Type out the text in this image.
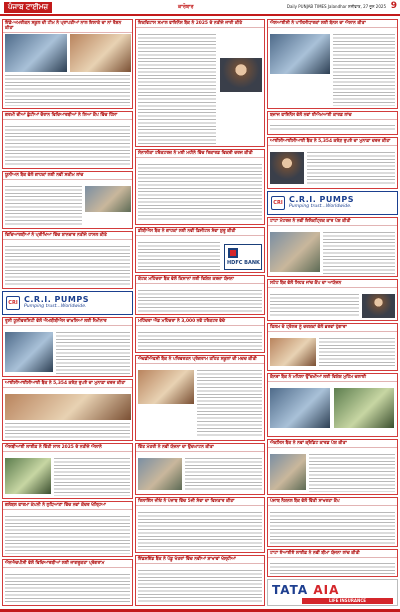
ਪੰਜਾਬ ਟਾਈਮਜ਼	ਕਾਰੋਬਾਰ	Daily PUNJAB TIMES Jalandhar ਸ਼ਨੀਵਾਰ, 27 ਜੂਨ 2025 9
ਇੰਡੋ-ਅਮਰੀਕਨ ਸਕੂਲ ਦੀ ਟੀਮ ਨੇ ਪ੍ਰਾਪਤੀਆਂ ਨਾਲ ਇਲਾਕੇ ਦਾ ਨਾਂ ਰੌਸ਼ਨ ਕੀਤਾ
ਗਰਮੀ ਦੀਆਂ ਛੁੱਟੀਆਂ ਦੌਰਾਨ ਵਿਦਿਆਰਥੀਆਂ ਨੇ ਲਿਆ ਕੈਂਪ ਵਿੱਚ ਹਿੱਸਾ
ਯੂਨੀਅਨ ਬੈਂਕ ਵੱਲੋਂ ਗਾਹਕਾਂ ਲਈ ਨਵੀਂ ਸਕੀਮ ਲਾਂਚ
ਵਿਦਿਆਰਥੀਆਂ ਨੇ ਪ੍ਰੀਖਿਆ ਵਿੱਚ ਸ਼ਾਨਦਾਰ ਨਤੀਜੇ ਹਾਸਲ ਕੀਤੇ
CRI C.R.I. PUMPS
Pumping trust...Worldwide.
ਰੂਸੀ ਯੂਨੀਵਰਸਿਟੀ ਵੱਲੋਂ ਐਮਬੀਬੀਐਸ ਦਾਖ਼ਲਿਆਂ ਲਈ ਸੈਮੀਨਾਰ
ਆਈਸੀਆਈਸੀਆਈ ਬੈਂਕ ਨੇ 5,354 ਕਰੋੜ ਰੁਪਏ ਦਾ ਮੁਨਾਫ਼ਾ ਦਰਜ ਕੀਤਾ
ਐਸਬੀਆਈ ਲਾਈਫ਼ ਨੇ ਵਿੱਤੀ ਸਾਲ 2025 ਦੇ ਨਤੀਜੇ ਐਲਾਨੇ
ਗਲੋਬਲ ਫਾਰਮਾ ਕੰਪਨੀ ਨੇ ਲੁਧਿਆਣਾ ਵਿੱਚ ਨਵਾਂ ਕੇਂਦਰ ਖੋਲ੍ਹਿਆ
ਐਨਐਚਪੀਸੀ ਵੱਲੋਂ ਵਿਦਿਆਰਥੀਆਂ ਲਈ ਜਾਗਰੂਕਤਾ ਪ੍ਰੋਗਰਾਮ
ਇਕਵਿਟਾਸ ਸਮਾਲ ਫਾਇਨੈਂਸ ਬੈਂਕ ਨੇ 2025 ਦੇ ਨਤੀਜੇ ਜਾਰੀ ਕੀਤੇ
ਸੋਨਾਲੀਕਾ ਟਰੈਕਟਰਜ਼ ਨੇ ਮਈ ਮਹੀਨੇ ਵਿੱਚ ਰਿਕਾਰਡ ਵਿਕਰੀ ਦਰਜ ਕੀਤੀ
ਡੀਬੀਐਸ ਬੈਂਕ ਨੇ ਗਾਹਕਾਂ ਲਈ ਨਵੀਂ ਡਿਜੀਟਲ ਸੇਵਾ ਸ਼ੁਰੂ ਕੀਤੀ
HDFC BANK
ਕੋਟਕ ਮਹਿੰਦਰਾ ਬੈਂਕ ਵੱਲੋਂ ਕਿਸਾਨਾਂ ਲਈ ਵਿਸ਼ੇਸ਼ ਕਰਜ਼ਾ ਯੋਜਨਾ
ਮਹਿੰਦਰਾ ਐਂਡ ਮਹਿੰਦਰਾ ਨੇ 3,000 ਨਵੇਂ ਟਰੈਕਟਰ ਵੇਚੇ
ਐਚਡੀਐਫਸੀ ਬੈਂਕ ਨੇ ਪਰਿਵਰਤਨ ਪ੍ਰੋਗਰਾਮ ਤਹਿਤ ਸਕੂਲਾਂ ਦੀ ਮਦਦ ਕੀਤੀ
ਵਿੱਤ ਮੰਤਰੀ ਨੇ ਨਵੀਂ ਯੋਜਨਾ ਦਾ ਉਦਘਾਟਨ ਕੀਤਾ
ਰਿਲਾਇੰਸ ਜੀਓ ਨੇ ਪੰਜਾਬ ਵਿੱਚ 5ਜੀ ਸੇਵਾ ਦਾ ਵਿਸਤਾਰ ਕੀਤਾ
ਇੰਡਸਇੰਡ ਬੈਂਕ ਨੇ ਪੇਂਡੂ ਖੇਤਰਾਂ ਵਿੱਚ ਨਵੀਆਂ ਸ਼ਾਖਾਵਾਂ ਖੋਲ੍ਹੀਆਂ
ਐਲਆਈਸੀ ਨੇ ਪਾਲਿਸੀਧਾਰਕਾਂ ਲਈ ਬੋਨਸ ਦਾ ਐਲਾਨ ਕੀਤਾ
ਬਜਾਜ ਫਾਇਨੈਂਸ ਵੱਲੋਂ ਨਵਾਂ ਈਐਮਆਈ ਕਾਰਡ ਲਾਂਚ
ਆਈਸੀਆਈਸੀਆਈ ਬੈਂਕ ਨੇ 5,354 ਕਰੋੜ ਰੁਪਏ ਦਾ ਮੁਨਾਫ਼ਾ ਦਰਜ ਕੀਤਾ
CRI C.R.I. PUMPS
Pumping trust...Worldwide.
ਟਾਟਾ ਮੋਟਰਜ਼ ਨੇ ਨਵੀਂ ਇਲੈਕਟ੍ਰਿਕ ਕਾਰ ਪੇਸ਼ ਕੀਤੀ
ਸਟੇਟ ਬੈਂਕ ਵੱਲੋਂ ਸਿਹਤ ਜਾਂਚ ਕੈਂਪ ਦਾ ਆਯੋਜਨ
ਫਿਲਮ ਦੇ ਟ੍ਰੇਲਰ ਨੂੰ ਦਰਸ਼ਕਾਂ ਵੱਲੋਂ ਭਰਵਾਂ ਹੁੰਗਾਰਾ
ਕੈਨਰਾ ਬੈਂਕ ਨੇ ਮਹਿਲਾ ਉੱਦਮੀਆਂ ਲਈ ਵਿਸ਼ੇਸ਼ ਮੁਹਿੰਮ ਚਲਾਈ
ਐਕਸਿਸ ਬੈਂਕ ਨੇ ਨਵਾਂ ਕ੍ਰੈਡਿਟ ਕਾਰਡ ਪੇਸ਼ ਕੀਤਾ
ਪੰਜਾਬ ਨੈਸ਼ਨਲ ਬੈਂਕ ਵੱਲੋਂ ਵਿੱਤੀ ਸਾਖਰਤਾ ਕੈਂਪ
ਟਾਟਾ ਏਆਈਏ ਲਾਈਫ਼ ਨੇ ਨਵੀਂ ਬੀਮਾ ਯੋਜਨਾ ਲਾਂਚ ਕੀਤੀ
TATA AIA
LIFE INSURANCE
